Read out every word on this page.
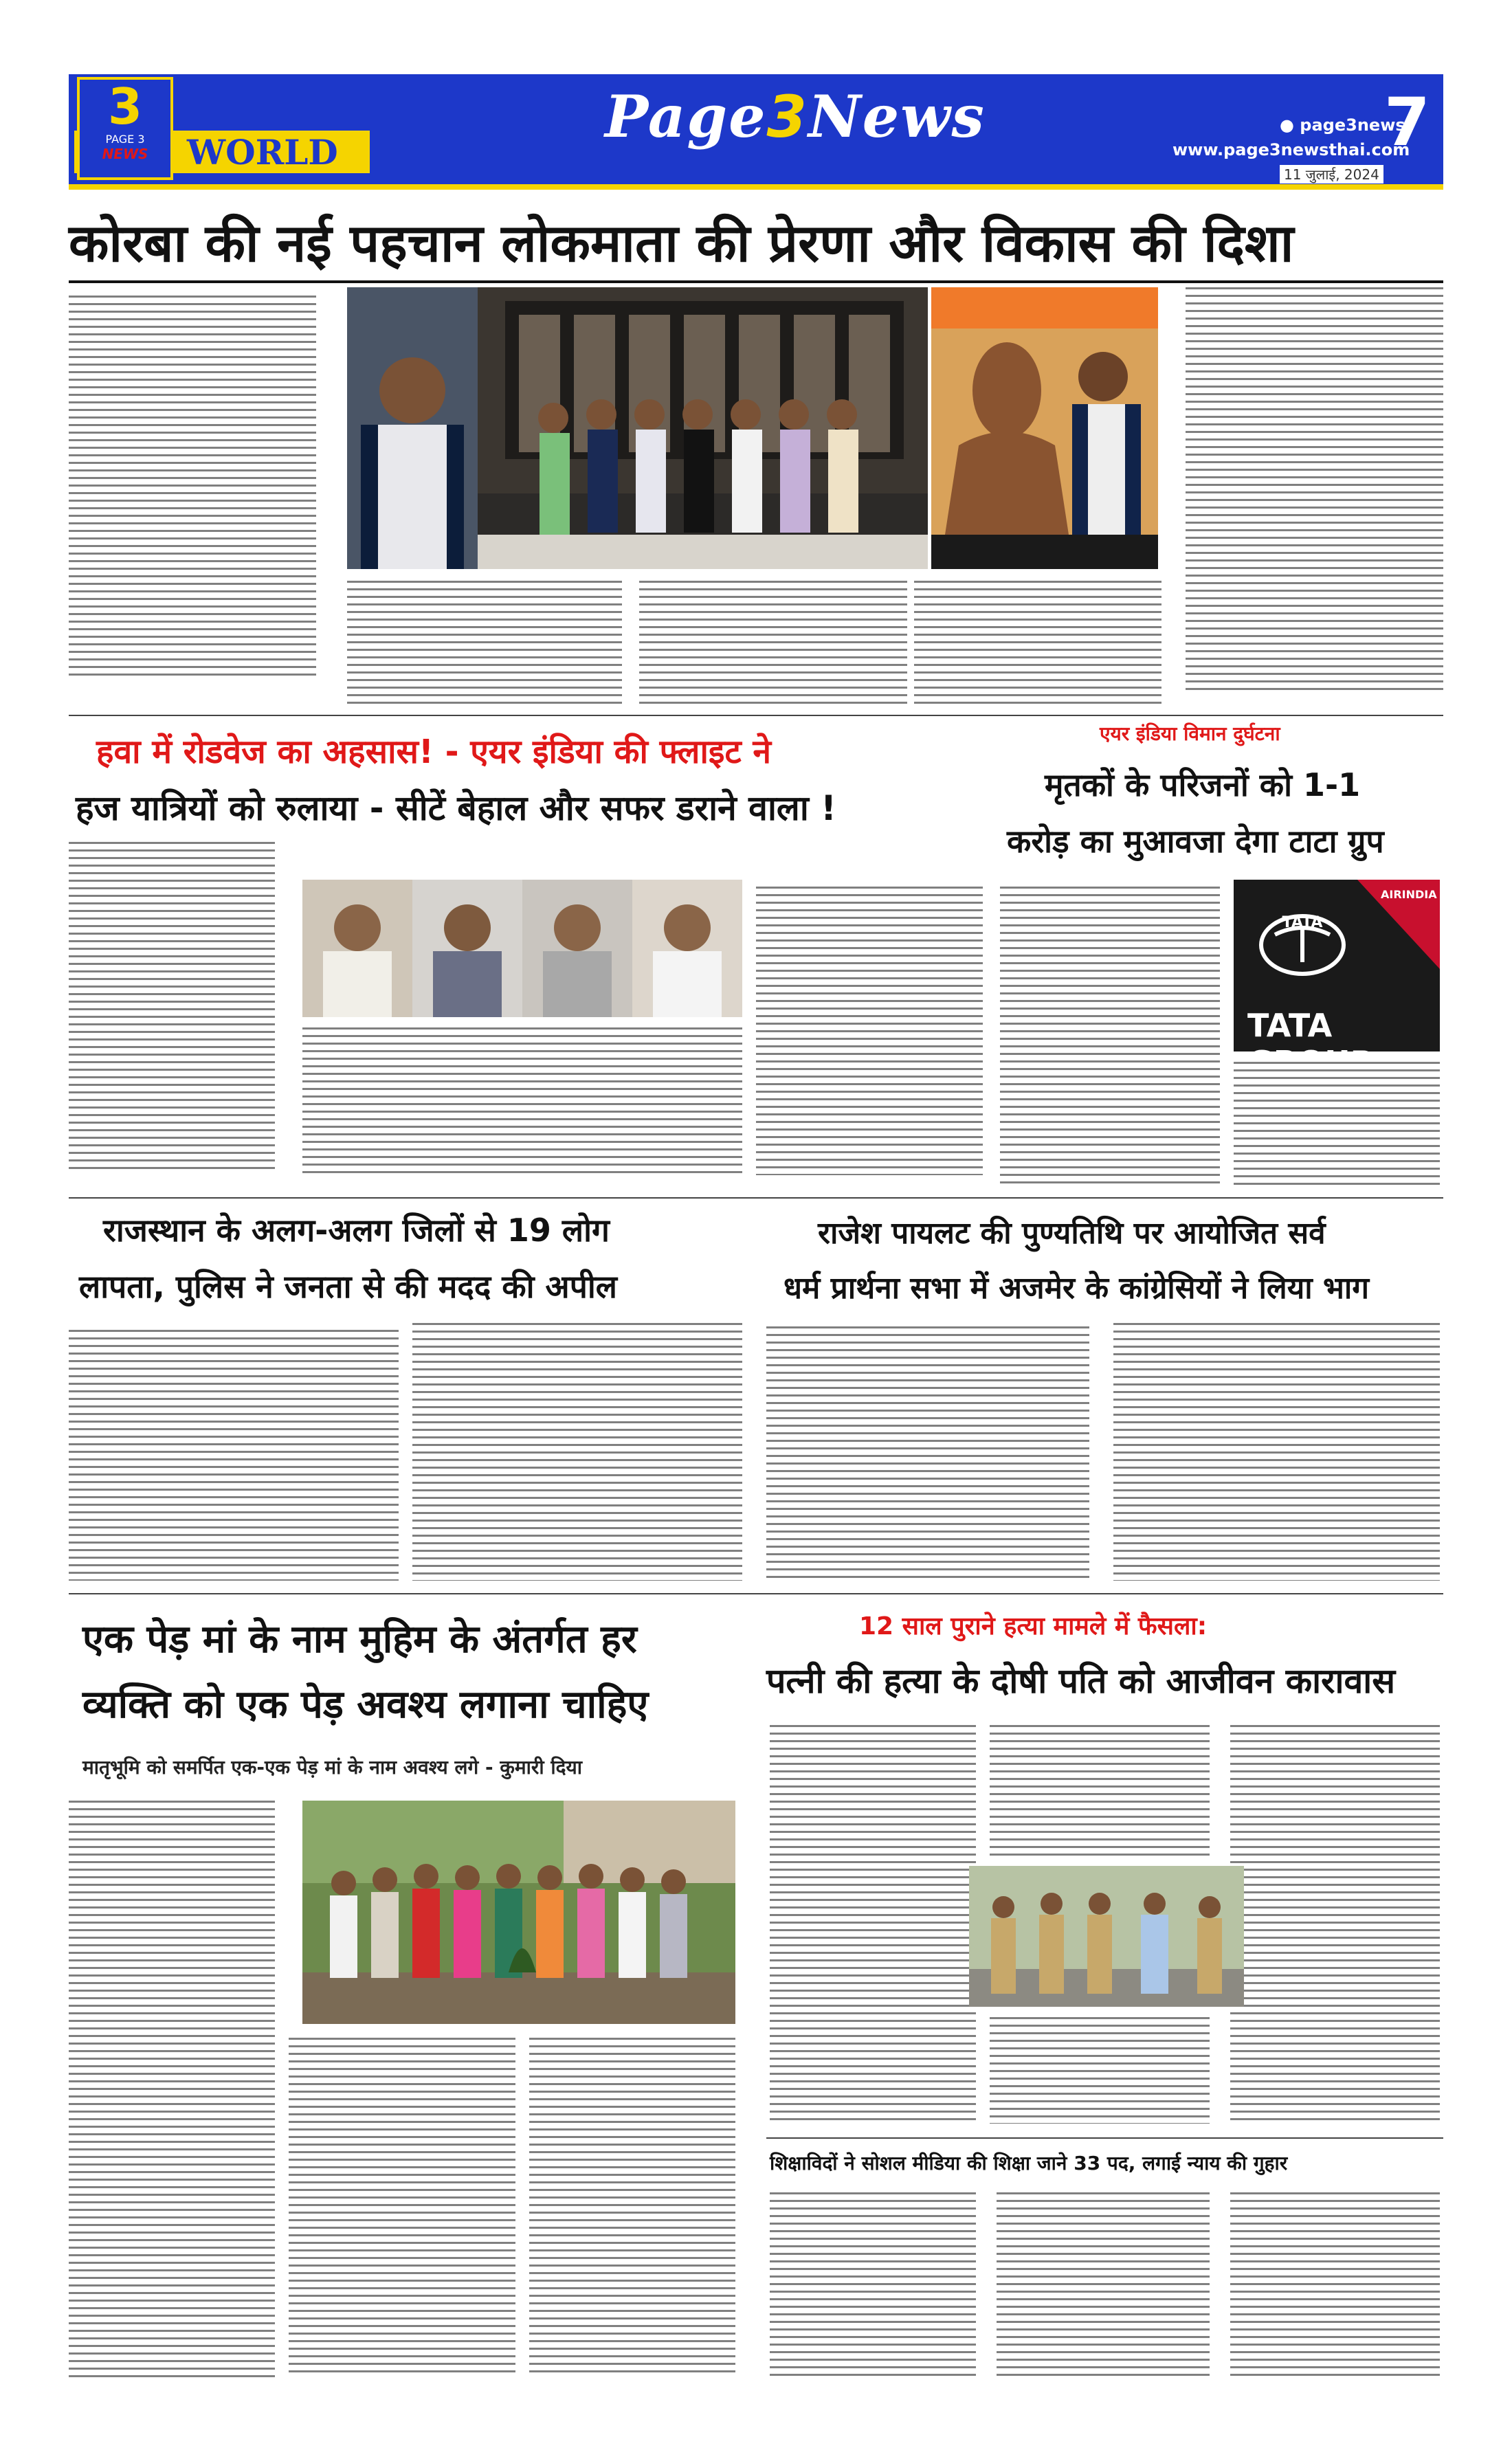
3
PAGE 3
NEWS	WORLD
Page3News	● page3news
www.page3newsthai.com
7
11 जुलाई, 2024
कोरबा की नई पहचान लोकमाता की प्रेरणा और विकास की दिशा
हवा में रोडवेज का अहसास! - एयर इंडिया की फ्लाइट ने
हज यात्रियों को रुलाया - सीटें बेहाल और सफर डराने वाला !
एयर इंडिया विमान दुर्घटना
मृतकों के परिजनों को 1-1
करोड़ का मुआवजा देगा टाटा ग्रुप
TATA
AIRINDIA
TATA
राजस्थान के अलग-अलग जिलों से 19 लोग
लापता, पुलिस ने जनता से की मदद की अपील
राजेश पायलट की पुण्यतिथि पर आयोजित सर्व
धर्म प्रार्थना सभा में अजमेर के कांग्रेसियों ने लिया भाग
एक पेड़ मां के नाम मुहिम के अंतर्गत हर
व्यक्ति को एक पेड़ अवश्य लगाना चाहिए
मातृभूमि को समर्पित एक-एक पेड़ मां के नाम अवश्य लगे - कुमारी दिया
12 साल पुराने हत्या मामले में फैसला:
पत्नी की हत्या के दोषी पति को आजीवन कारावास
शिक्षाविदों ने सोशल मीडिया की शिक्षा जाने 33 पद, लगाई न्याय की गुहार
